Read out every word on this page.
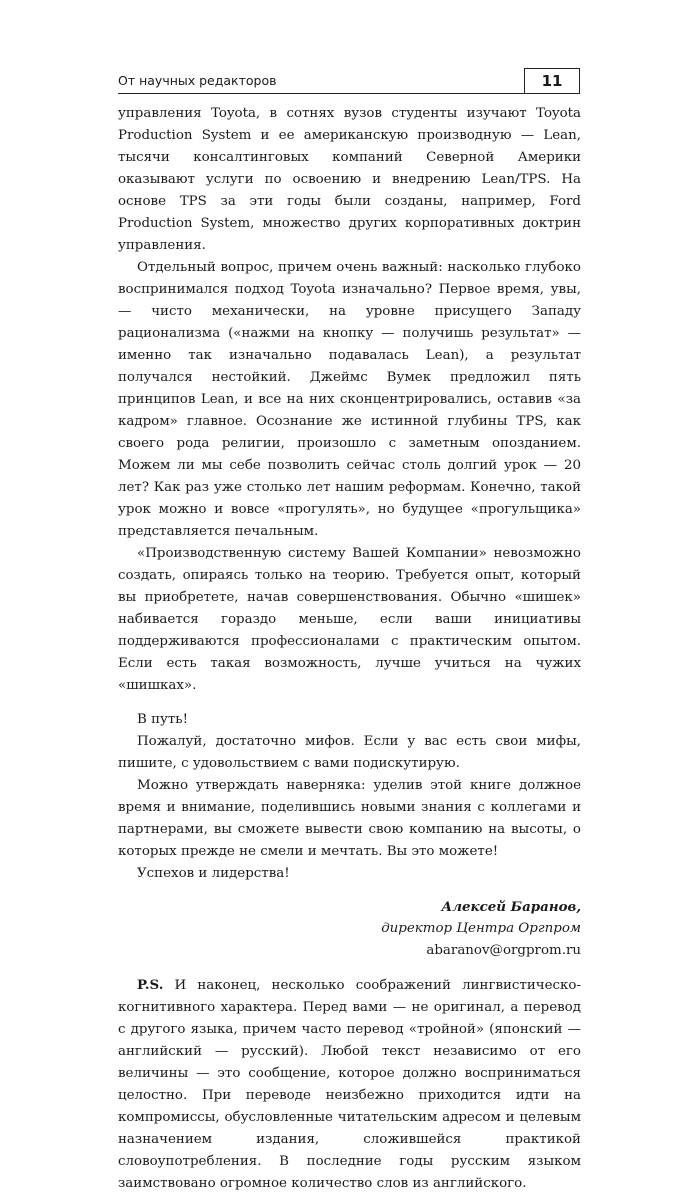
От научных редакторов	11

управления Toyota, в сотнях вузов студенты изучают Toyota Production System и ее американскую производную — Lean, тысячи консалтинговых компаний Северной Америки оказывают услуги по освоению и внедрению Lean/TPS. На основе TPS за эти годы были созданы, например, Ford Production System, множество других корпоративных доктрин управления.

Отдельный вопрос, причем очень важный: насколько глубоко воспринимался подход Toyota изначально? Первое время, увы, — чисто механически, на уровне присущего Западу рационализма («нажми на кнопку — получишь результат» — именно так изначально подавалась Lean), а результат получался нестойкий. Джеймс Вумек предложил пять принципов Lean, и все на них сконцентрировались, оставив «за кадром» главное. Осознание же истинной глубины TPS, как своего рода религии, произошло с заметным опозданием. Можем ли мы себе позволить сейчас столь долгий урок — 20 лет? Как раз уже столько лет нашим реформам. Конечно, такой урок можно и вовсе «прогулять», но будущее «прогульщика» представляется печальным.

«Производственную систему Вашей Компании» невозможно создать, опираясь только на теорию. Требуется опыт, который вы приобретете, начав совершенствования. Обычно «шишек» набивается гораздо меньше, если ваши инициативы поддерживаются профессионалами с практическим опытом. Если есть такая возможность, лучше учиться на чужих «шишках».

В путь!

Пожалуй, достаточно мифов. Если у вас есть свои мифы, пишите, с удовольствием с вами подискутирую.

Можно утверждать наверняка: уделив этой книге должное время и внимание, поделившись новыми знания с коллегами и партнерами, вы сможете вывести свою компанию на высоты, о которых прежде не смели и мечтать. Вы это можете!

Успехов и лидерства!

Алексей Баранов,
директор Центра Оргпром
abaranov@orgprom.ru

P.S. И наконец, несколько соображений лингвистическо-когнитивного характера. Перед вами — не оригинал, а перевод с другого языка, причем часто перевод «тройной» (японский — английский — русский). Любой текст независимо от его величины — это сообщение, которое должно восприниматься целостно. При переводе неизбежно приходится идти на компромиссы, обусловленные читательским адресом и целевым назначением издания, сложившейся практикой словоупотребления. В последние годы русским языком заимствовано огромное количество слов из английского.
